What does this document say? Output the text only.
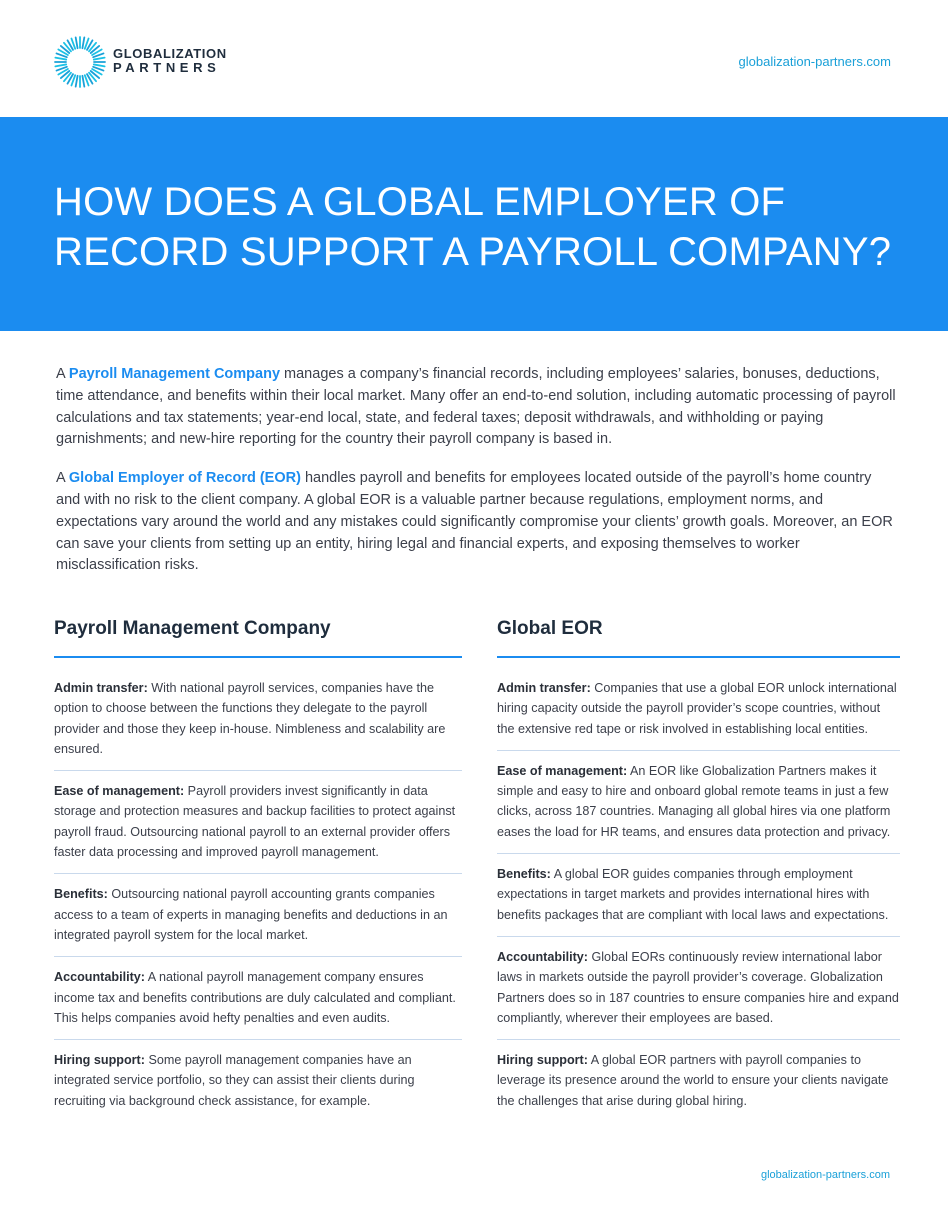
GLOBALIZATION
PARTNERS	globalization-partners.com
HOW DOES A GLOBAL EMPLOYER OF RECORD SUPPORT A PAYROLL COMPANY?

A Payroll Management Company manages a company’s financial records, including employees’ salaries, bonuses, deductions, time attendance, and benefits within their local market. Many offer an end-to-end solution, including automatic processing of payroll calculations and tax statements; year-end local, state, and federal taxes; deposit withdrawals, and withholding or paying garnishments; and new-hire reporting for the country their payroll company is based in.

A Global Employer of Record (EOR) handles payroll and benefits for employees located outside of the payroll’s home country and with no risk to the client company. A global EOR is a valuable partner because regulations, employment norms, and expectations vary around the world and any mistakes could significantly compromise your clients’ growth goals. Moreover, an EOR can save your clients from setting up an entity, hiring legal and financial experts, and exposing themselves to worker misclassification risks.

Payroll Management Company
Admin transfer: With national payroll services, companies have the option to choose between the functions they delegate to the payroll provider and those they keep in-house. Nimbleness and scalability are ensured.
Ease of management: Payroll providers invest significantly in data storage and protection measures and backup facilities to protect against payroll fraud. Outsourcing national payroll to an external provider offers faster data processing and improved payroll management.
Benefits: Outsourcing national payroll accounting grants companies access to a team of experts in managing benefits and deductions in an integrated payroll system for the local market.
Accountability: A national payroll management company ensures income tax and benefits contributions are duly calculated and compliant. This helps companies avoid hefty penalties and even audits.
Hiring support: Some payroll management companies have an integrated service portfolio, so they can assist their clients during recruiting via background check assistance, for example.
Global EOR
Admin transfer: Companies that use a global EOR unlock international hiring capacity outside the payroll provider’s scope countries, without the extensive red tape or risk involved in establishing local entities.
Ease of management: An EOR like Globalization Partners makes it simple and easy to hire and onboard global remote teams in just a few clicks, across 187 countries. Managing all global hires via one platform eases the load for HR teams, and ensures data protection and privacy.
Benefits: A global EOR guides companies through employment expectations in target markets and provides international hires with benefits packages that are compliant with local laws and expectations.
Accountability: Global EORs continuously review international labor laws in markets outside the payroll provider’s coverage. Globalization Partners does so in 187 countries to ensure companies hire and expand compliantly, wherever their employees are based.
Hiring support: A global EOR partners with payroll companies to leverage its presence around the world to ensure your clients navigate the challenges that arise during global hiring.
globalization-partners.com
